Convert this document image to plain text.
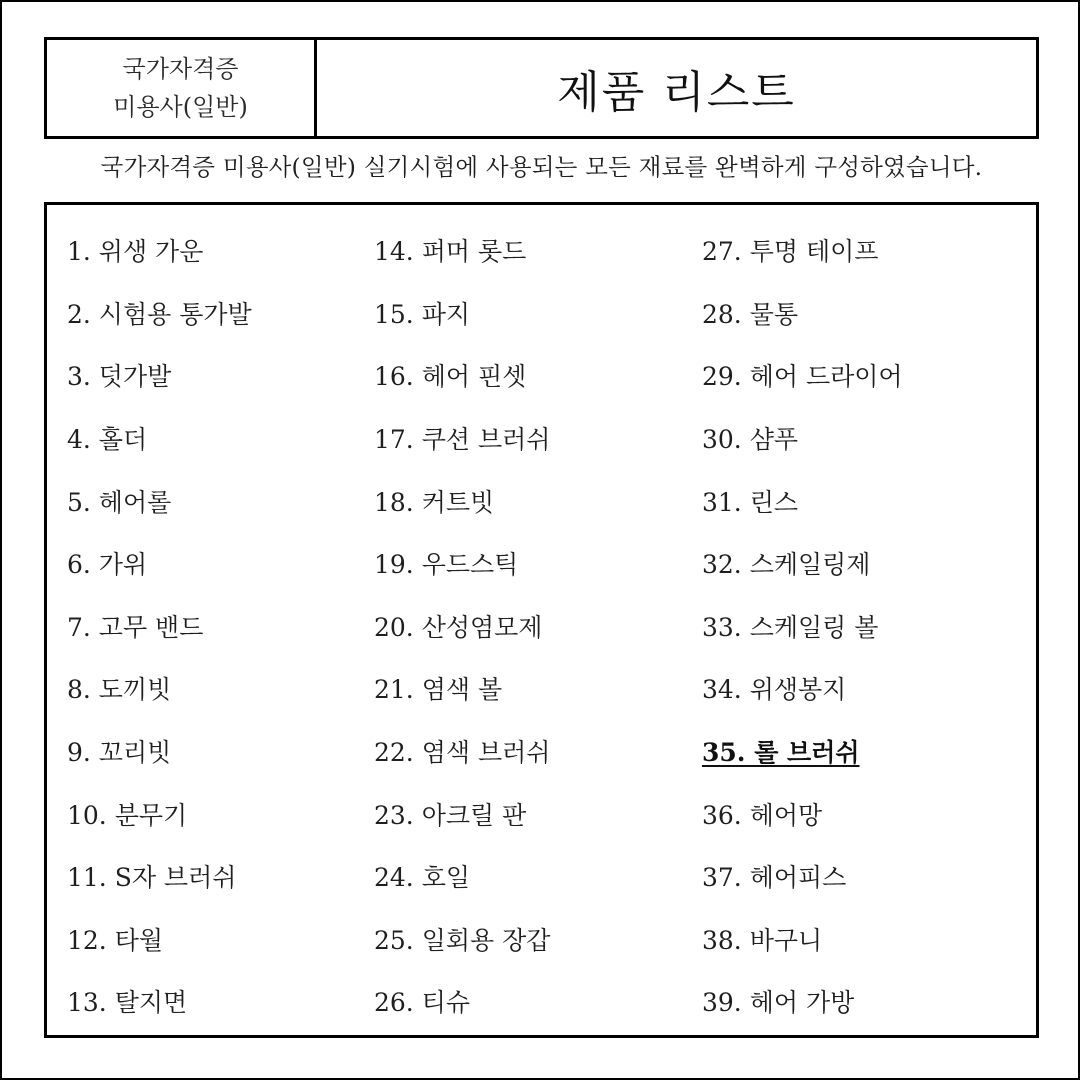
국가자격증
미용사(일반)	제품 리스트
국가자격증 미용사(일반) 실기시험에 사용되는 모든 재료를 완벽하게 구성하였습니다.
1. 위생 가운
2. 시험용 통가발
3. 덧가발
4. 홀더
5. 헤어롤
6. 가위
7. 고무 밴드
8. 도끼빗
9. 꼬리빗
10. 분무기
11. S자 브러쉬
12. 타월
13. 탈지면
14. 퍼머 롯드
15. 파지
16. 헤어 핀셋
17. 쿠션 브러쉬
18. 커트빗
19. 우드스틱
20. 산성염모제
21. 염색 볼
22. 염색 브러쉬
23. 아크릴 판
24. 호일
25. 일회용 장갑
26. 티슈
27. 투명 테이프
28. 물통
29. 헤어 드라이어
30. 샴푸
31. 린스
32. 스케일링제
33. 스케일링 볼
34. 위생봉지
35. 롤 브러쉬
36. 헤어망
37. 헤어피스
38. 바구니
39. 헤어 가방
